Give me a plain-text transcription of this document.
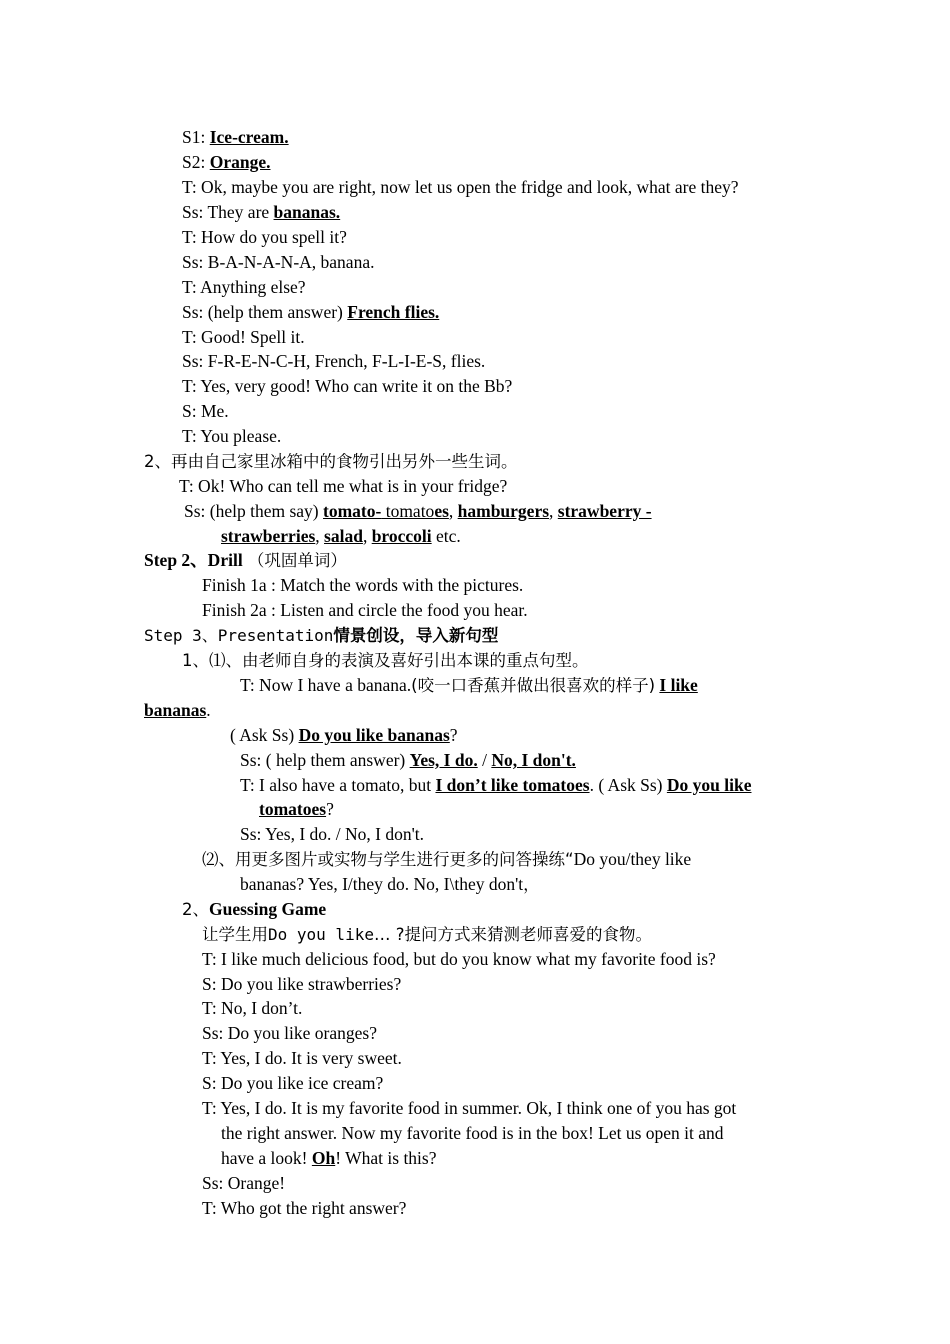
S1: Ice-cream.
S2: Orange.
T: Ok, maybe you are right, now let us open the fridge and look, what are they?
Ss: They are bananas.
T: How do you spell it?
Ss: B-A-N-A-N-A, banana.
T: Anything else?
Ss: (help them answer) French flies.
T: Good! Spell it.
Ss: F-R-E-N-C-H, French, F-L-I-E-S, flies.
T: Yes, very good! Who can write it on the Bb?
S: Me.
T: You please.
2、再由自己家里冰箱中的食物引出另外一些生词。
T: Ok! Who can tell me what is in your fridge?
Ss: (help them say) tomato- tomatoes, hamburgers, strawberry -
strawberries, salad, broccoli etc.
Step 2、Drill （巩固单词）
Finish 1a : Match the words with the pictures.
Finish 2a : Listen and circle the food you hear.
Step 3、Presentation情景创设，导入新句型
1、⑴、由老师自身的表演及喜好引出本课的重点句型。
T: Now I have a banana.(咬一口香蕉并做出很喜欢的样子) I like
bananas.
( Ask Ss) Do you like bananas?
Ss: ( help them answer) Yes, I do. / No, I don't.
T: I also have a tomato, but I don’t like tomatoes. ( Ask Ss) Do you like
tomatoes?
Ss: Yes, I do. / No, I don't.
⑵、用更多图片或实物与学生进行更多的问答操练“Do you/they like
bananas? Yes, I/they do. No, I\they don't，
2、Guessing Game
让学生用Do you like… ?提问方式来猜测老师喜爱的食物。
T: I like much delicious food, but do you know what my favorite food is?
S: Do you like strawberries?
T: No, I don’t.
Ss: Do you like oranges?
T: Yes, I do. It is very sweet.
S: Do you like ice cream?
T: Yes, I do. It is my favorite food in summer. Ok, I think one of you has got
the right answer. Now my favorite food is in the box! Let us open it and
have a look! Oh! What is this?
Ss: Orange!
T: Who got the right answer?
